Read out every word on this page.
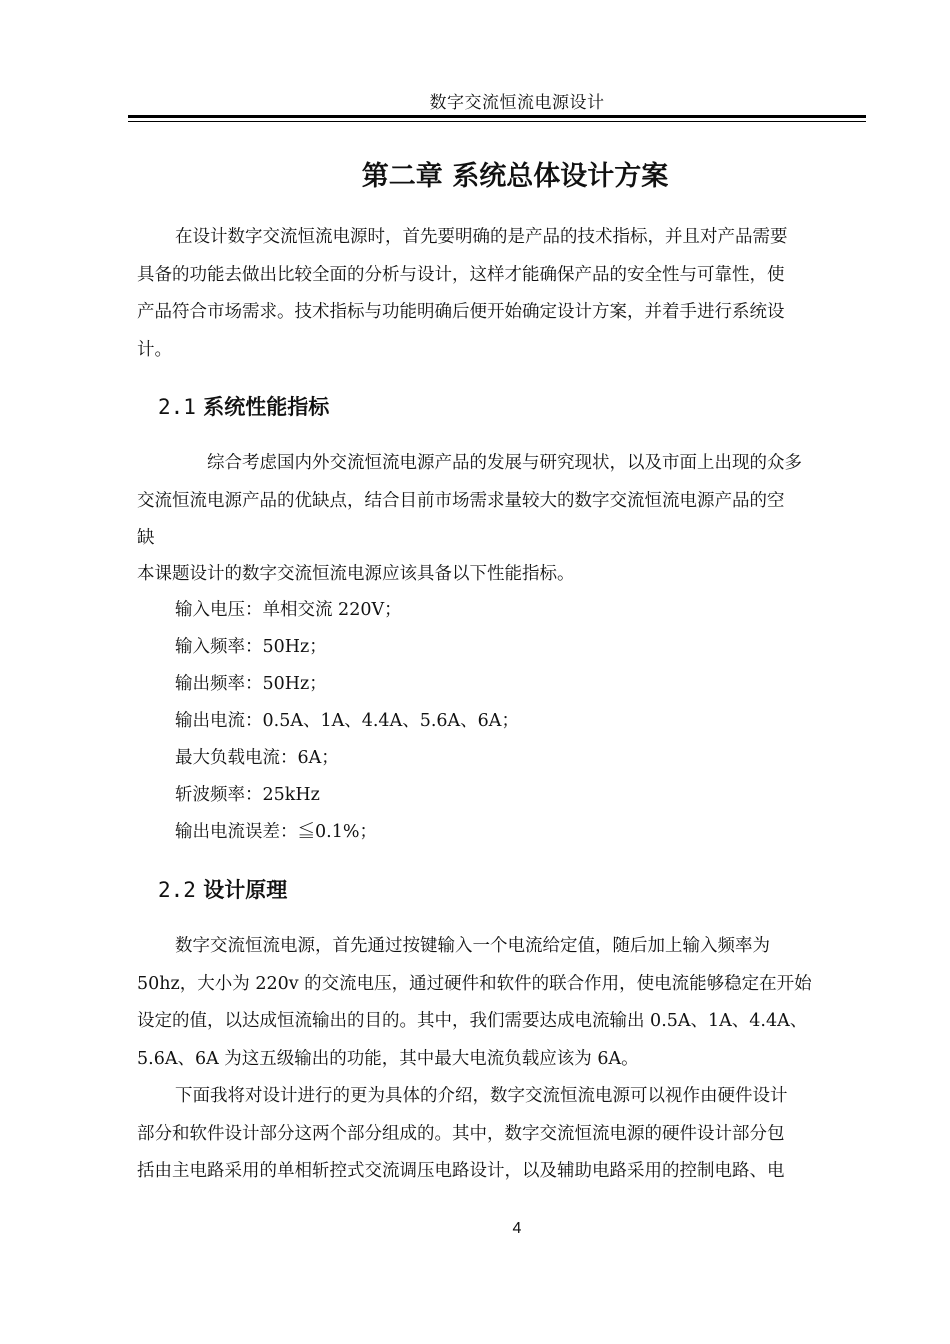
数字交流恒流电源设计
第二章 系统总体设计方案
在设计数字交流恒流电源时，首先要明确的是产品的技术指标，并且对产品需要
具备的功能去做出比较全面的分析与设计，这样才能确保产品的安全性与可靠性，使
产品符合市场需求。技术指标与功能明确后便开始确定设计方案，并着手进行系统设
计。
2.1 系统性能指标
综合考虑国内外交流恒流电源产品的发展与研究现状，以及市面上出现的众多
交流恒流电源产品的优缺点，结合目前市场需求量较大的数字交流恒流电源产品的空
缺
本课题设计的数字交流恒流电源应该具备以下性能指标。
输入电压：单相交流 220V；
输入频率：50Hz；
输出频率：50Hz；
输出电流：0.5A、1A、4.4A、5.6A、6A；
最大负载电流：6A；
斩波频率：25kHz
输出电流误差：≦0.1%；
2.2 设计原理
数字交流恒流电源，首先通过按键输入一个电流给定值，随后加上输入频率为
50hz，大小为 220v 的交流电压，通过硬件和软件的联合作用，使电流能够稳定在开始
设定的值，以达成恒流输出的目的。其中，我们需要达成电流输出 0.5A、1A、4.4A、
5.6A、6A 为这五级输出的功能，其中最大电流负载应该为 6A。
下面我将对设计进行的更为具体的介绍，数字交流恒流电源可以视作由硬件设计
部分和软件设计部分这两个部分组成的。其中，数字交流恒流电源的硬件设计部分包
括由主电路采用的单相斩控式交流调压电路设计，以及辅助电路采用的控制电路、电
4
